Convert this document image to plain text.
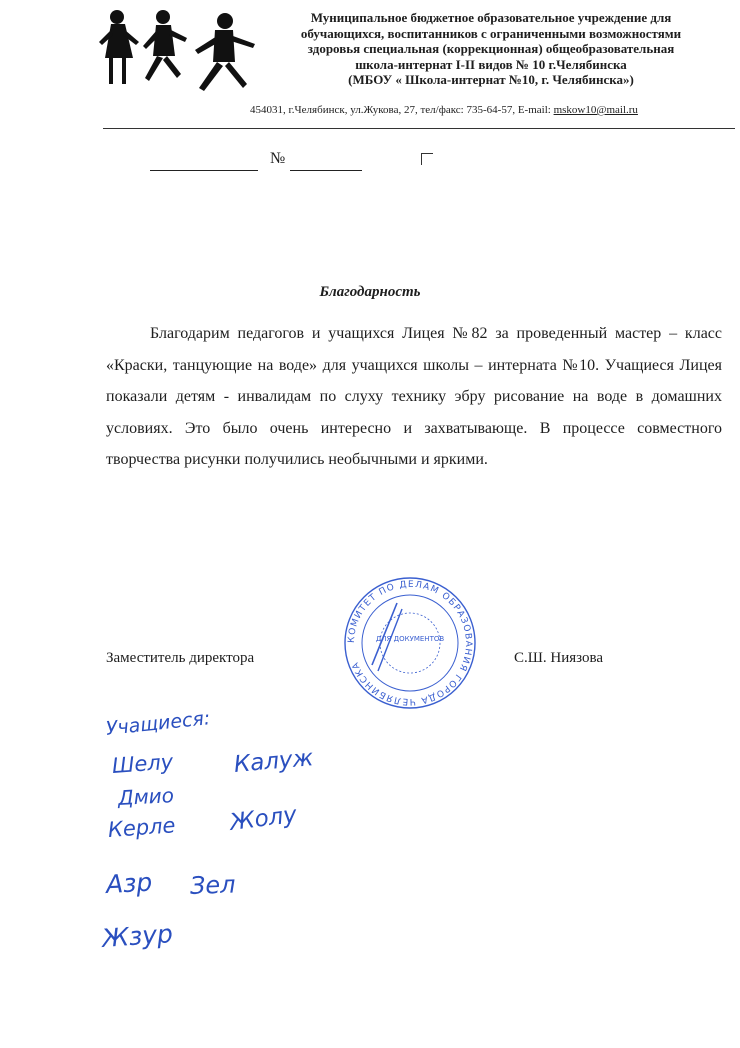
Муниципальное бюджетное образовательное учреждение для
обучающихся, воспитанников с ограниченными возможностями
здоровья специальная (коррекционная) общеобразовательная
школа-интернат I-II видов № 10 г.Челябинска
(МБОУ « Школа-интернат №10, г. Челябинска»)
454031, г.Челябинск, ул.Жукова, 27, тел/факс: 735-64-57, E-mail: mskow10@mail.ru
№
Благодарность
Благодарим педагогов и учащихся Лицея №82 за проведенный мастер – класс «Краски, танцующие на воде» для учащихся школы – интерната №10. Учащиеся Лицея показали детям - инвалидам по слуху технику эбру рисование на воде в домашних условиях. Это было очень интересно и захватывающе. В процессе совместного творчества рисунки получились необычными и яркими.
Заместитель директора	С.Ш. Ниязова
КОМИТЕТ ПО ДЕЛАМ ОБРАЗОВАНИЯ ГОРОДА ЧЕЛЯБИНСКА
ДЛЯ ДОКУМЕНТОВ
Учащиеся:
Шелу	Калуж
Дмио
Керле Жолу
Азр Зел
Жзур
